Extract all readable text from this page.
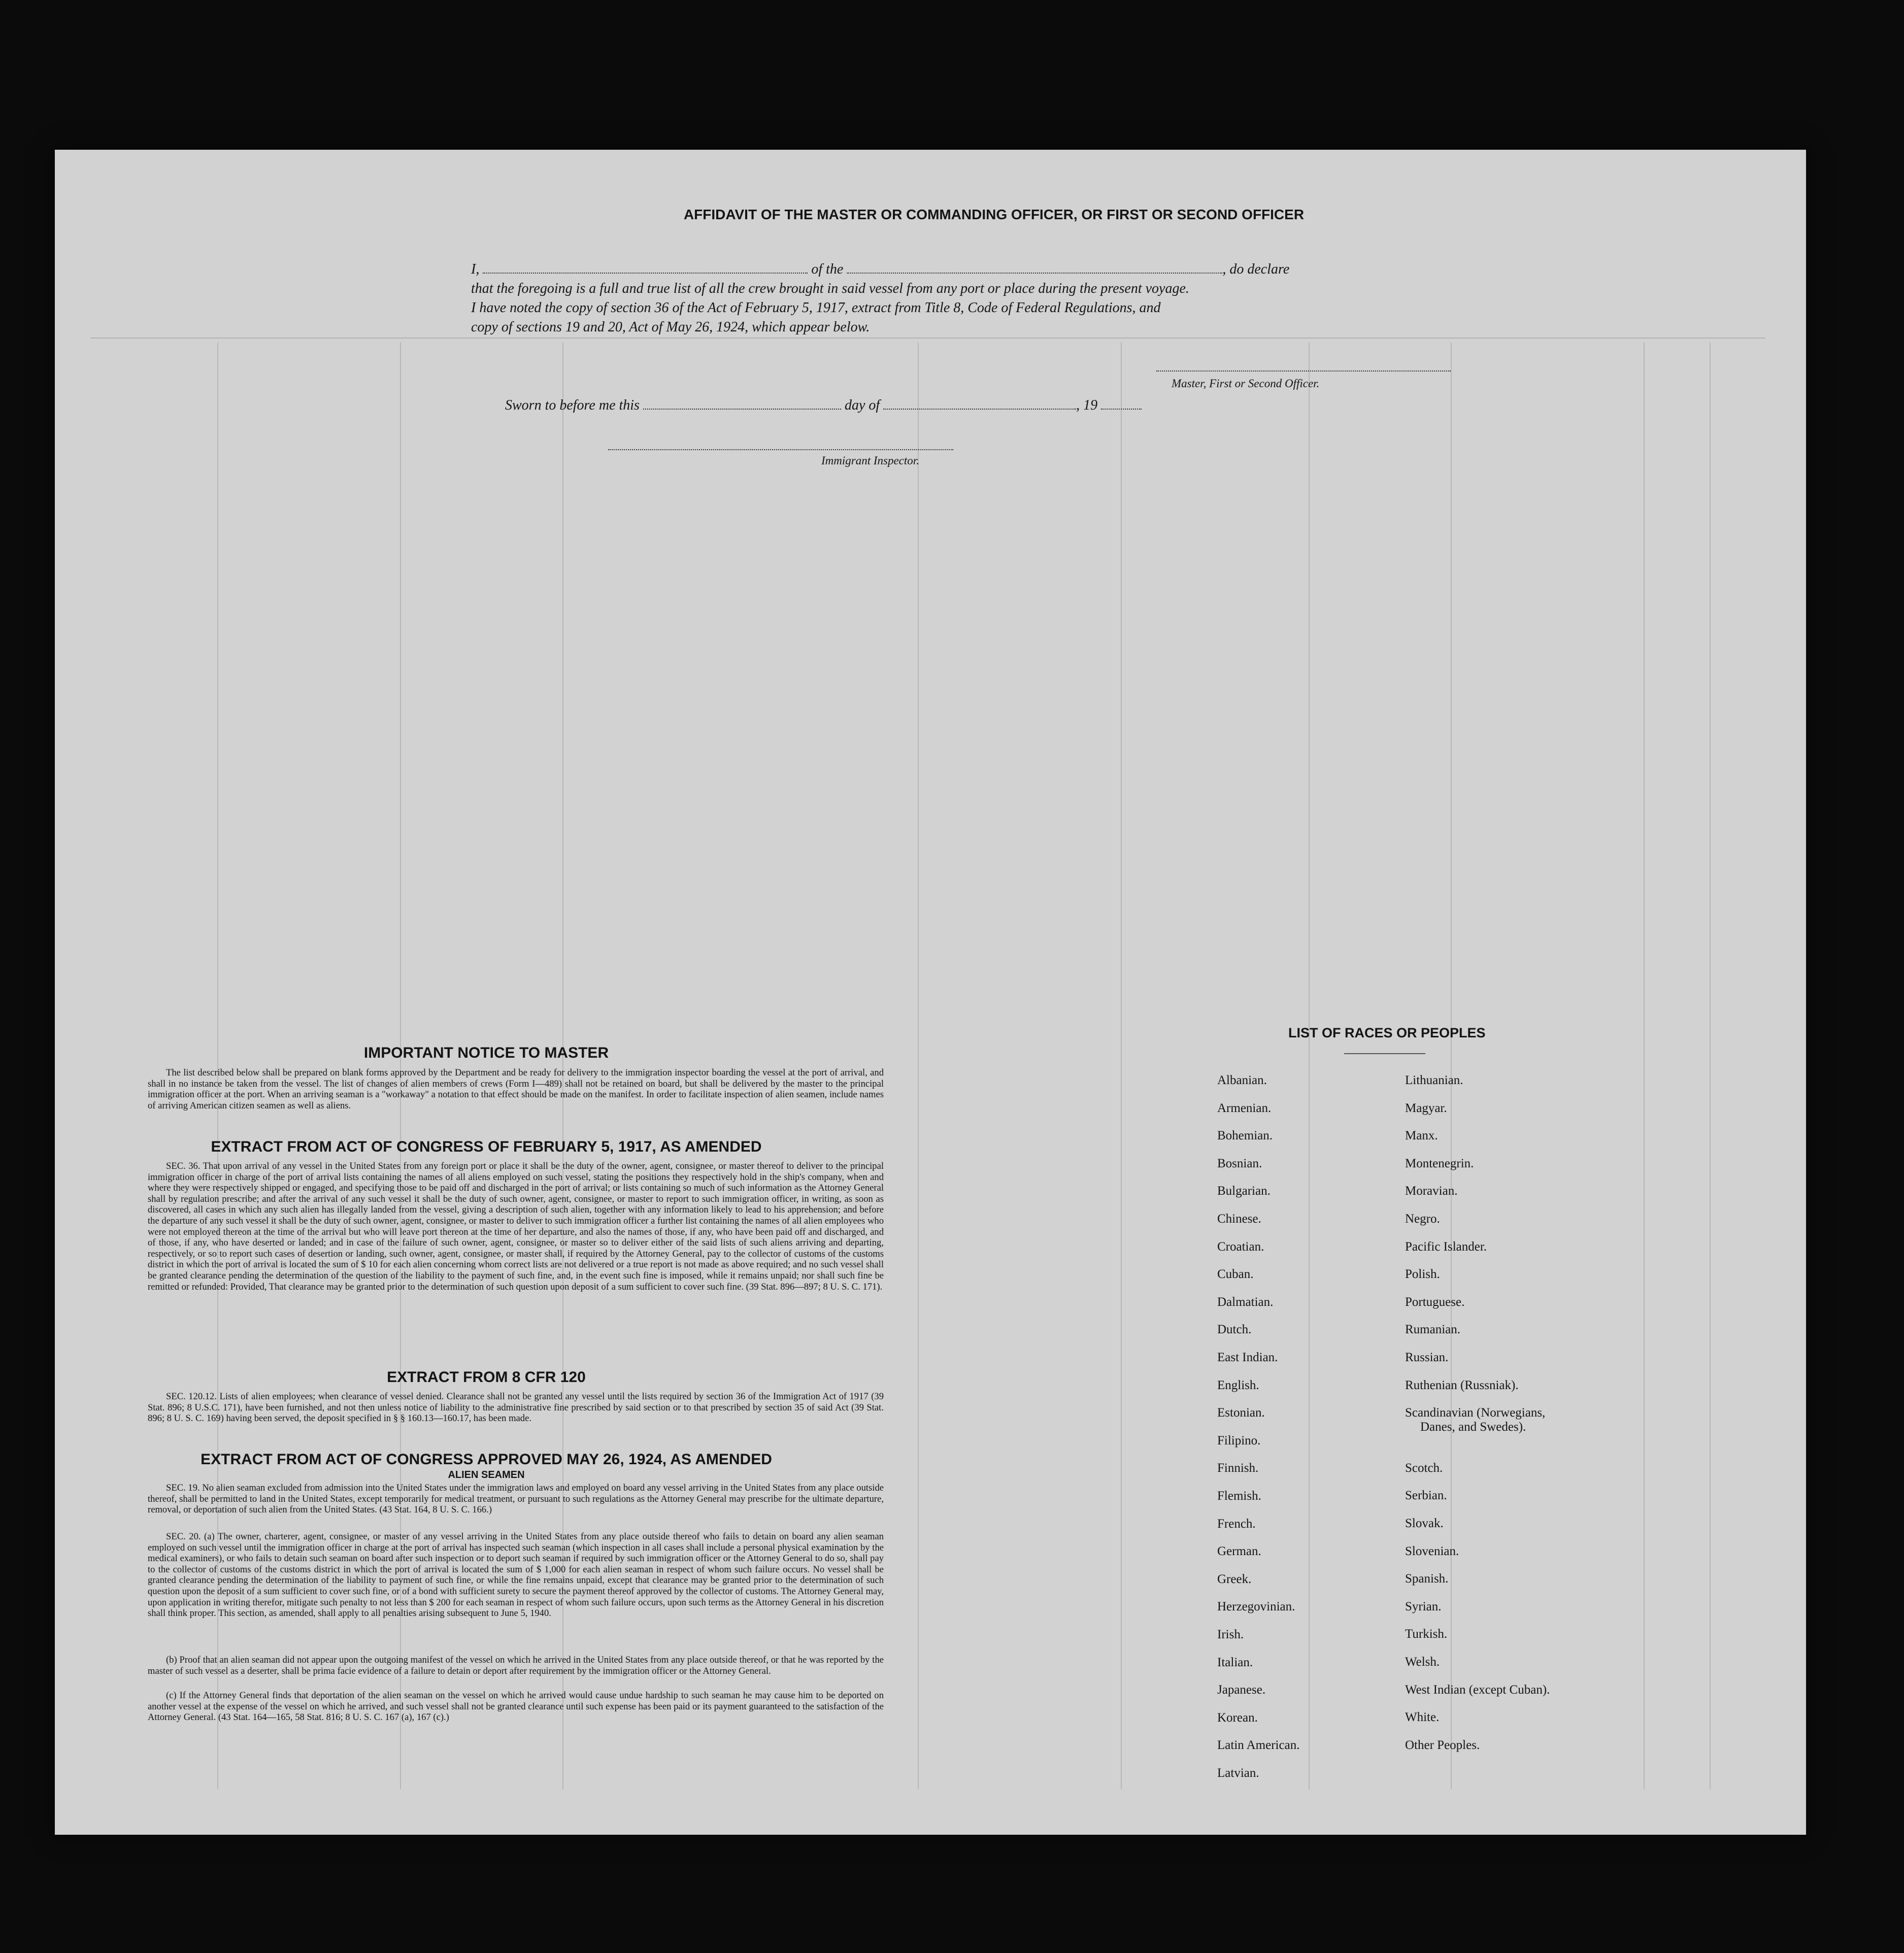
AFFIDAVIT OF THE MASTER OR COMMANDING OFFICER, OR FIRST OR SECOND OFFICER
I,	of the	, do declare
that the foregoing is a full and true list of all the crew brought in said vessel from any port or place during the present voyage.
I have noted the copy of section 36 of the Act of February 5, 1917, extract from Title 8, Code of Federal Regulations, and
copy of sections 19 and 20, Act of May 26, 1924, which appear below.
Master, First or Second Officer.
Sworn to before me this	day of	, 19
Immigrant Inspector.
IMPORTANT NOTICE TO MASTER
The list described below shall be prepared on blank forms approved by the Department and be ready for delivery to the immigration inspector boarding the vessel at the port of arrival, and shall in no instance be taken from the vessel. The list of changes of alien members of crews (Form I—489) shall not be retained on board, but shall be delivered by the master to the principal immigration officer at the port. When an arriving seaman is a "workaway" a notation to that effect should be made on the manifest. In order to facilitate inspection of alien seamen, include names of arriving American citizen seamen as well as aliens.
EXTRACT FROM ACT OF CONGRESS OF FEBRUARY 5, 1917, AS AMENDED
SEC. 36. That upon arrival of any vessel in the United States from any foreign port or place it shall be the duty of the owner, agent, consignee, or master thereof to deliver to the principal immigration officer in charge of the port of arrival lists containing the names of all aliens employed on such vessel, stating the positions they respectively hold in the ship's company, when and where they were respectively shipped or engaged, and specifying those to be paid off and discharged in the port of arrival; or lists containing so much of such information as the Attorney General shall by regulation prescribe; and after the arrival of any such vessel it shall be the duty of such owner, agent, consignee, or master to report to such immigration officer, in writing, as soon as discovered, all cases in which any such alien has illegally landed from the vessel, giving a description of such alien, together with any information likely to lead to his apprehension; and before the departure of any such vessel it shall be the duty of such owner, agent, consignee, or master to deliver to such immigration officer a further list containing the names of all alien employees who were not employed thereon at the time of the arrival but who will leave port thereon at the time of her departure, and also the names of those, if any, who have been paid off and discharged, and of those, if any, who have deserted or landed; and in case of the failure of such owner, agent, consignee, or master so to deliver either of the said lists of such aliens arriving and departing, respectively, or so to report such cases of desertion or landing, such owner, agent, consignee, or master shall, if required by the Attorney General, pay to the collector of customs of the customs district in which the port of arrival is located the sum of $ 10 for each alien concerning whom correct lists are not delivered or a true report is not made as above required; and no such vessel shall be granted clearance pending the determination of the question of the liability to the payment of such fine, and, in the event such fine is imposed, while it remains unpaid; nor shall such fine be remitted or refunded: Provided, That clearance may be granted prior to the determination of such question upon deposit of a sum sufficient to cover such fine. (39 Stat. 896—897; 8 U. S. C. 171).
EXTRACT FROM 8 CFR 120
SEC. 120.12. Lists of alien employees; when clearance of vessel denied. Clearance shall not be granted any vessel until the lists required by section 36 of the Immigration Act of 1917 (39 Stat. 896; 8 U.S.C. 171), have been furnished, and not then unless notice of liability to the administrative fine prescribed by said section or to that prescribed by section 35 of said Act (39 Stat. 896; 8 U. S. C. 169) having been served, the deposit specified in § § 160.13—160.17, has been made.
EXTRACT FROM ACT OF CONGRESS APPROVED MAY 26, 1924, AS AMENDED
ALIEN SEAMEN
SEC. 19. No alien seaman excluded from admission into the United States under the immigration laws and employed on board any vessel arriving in the United States from any place outside thereof, shall be permitted to land in the United States, except temporarily for medical treatment, or pursuant to such regulations as the Attorney General may prescribe for the ultimate departure, removal, or deportation of such alien from the United States. (43 Stat. 164, 8 U. S. C. 166.)
SEC. 20. (a) The owner, charterer, agent, consignee, or master of any vessel arriving in the United States from any place outside thereof who fails to detain on board any alien seaman employed on such vessel until the immigration officer in charge at the port of arrival has inspected such seaman (which inspection in all cases shall include a personal physical examination by the medical examiners), or who fails to detain such seaman on board after such inspection or to deport such seaman if required by such immigration officer or the Attorney General to do so, shall pay to the collector of customs of the customs district in which the port of arrival is located the sum of $ 1,000 for each alien seaman in respect of whom such failure occurs. No vessel shall be granted clearance pending the determination of the liability to payment of such fine, or while the fine remains unpaid, except that clearance may be granted prior to the determination of such question upon the deposit of a sum sufficient to cover such fine, or of a bond with sufficient surety to secure the payment thereof approved by the collector of customs. The Attorney General may, upon application in writing therefor, mitigate such penalty to not less than $ 200 for each seaman in respect of whom such failure occurs, upon such terms as the Attorney General in his discretion shall think proper. This section, as amended, shall apply to all penalties arising subsequent to June 5, 1940.
(b) Proof that an alien seaman did not appear upon the outgoing manifest of the vessel on which he arrived in the United States from any place outside thereof, or that he was reported by the master of such vessel as a deserter, shall be prima facie evidence of a failure to detain or deport after requirement by the immigration officer or the Attorney General.
(c) If the Attorney General finds that deportation of the alien seaman on the vessel on which he arrived would cause undue hardship to such seaman he may cause him to be deported on another vessel at the expense of the vessel on which he arrived, and such vessel shall not be granted clearance until such expense has been paid or its payment guaranteed to the satisfaction of the Attorney General. (43 Stat. 164—165, 58 Stat. 816; 8 U. S. C. 167 (a), 167 (c).)
LIST OF RACES OR PEOPLES
Albanian.
Armenian.
Bohemian.
Bosnian.
Bulgarian.
Chinese.
Croatian.
Cuban.
Dalmatian.
Dutch.
East Indian.
English.
Estonian.
Filipino.
Finnish.
Flemish.
French.
German.
Greek.
Herzegovinian.
Irish.
Italian.
Japanese.
Korean.
Latin American.
Latvian.
Lithuanian.
Magyar.
Manx.
Montenegrin.
Moravian.
Negro.
Pacific Islander.
Polish.
Portuguese.
Rumanian.
Russian.
Ruthenian (Russniak).
Scandinavian (Norwegians,
Danes, and Swedes).
Scotch.
Serbian.
Slovak.
Slovenian.
Spanish.
Syrian.
Turkish.
Welsh.
West Indian (except Cuban).
White.
Other Peoples.
